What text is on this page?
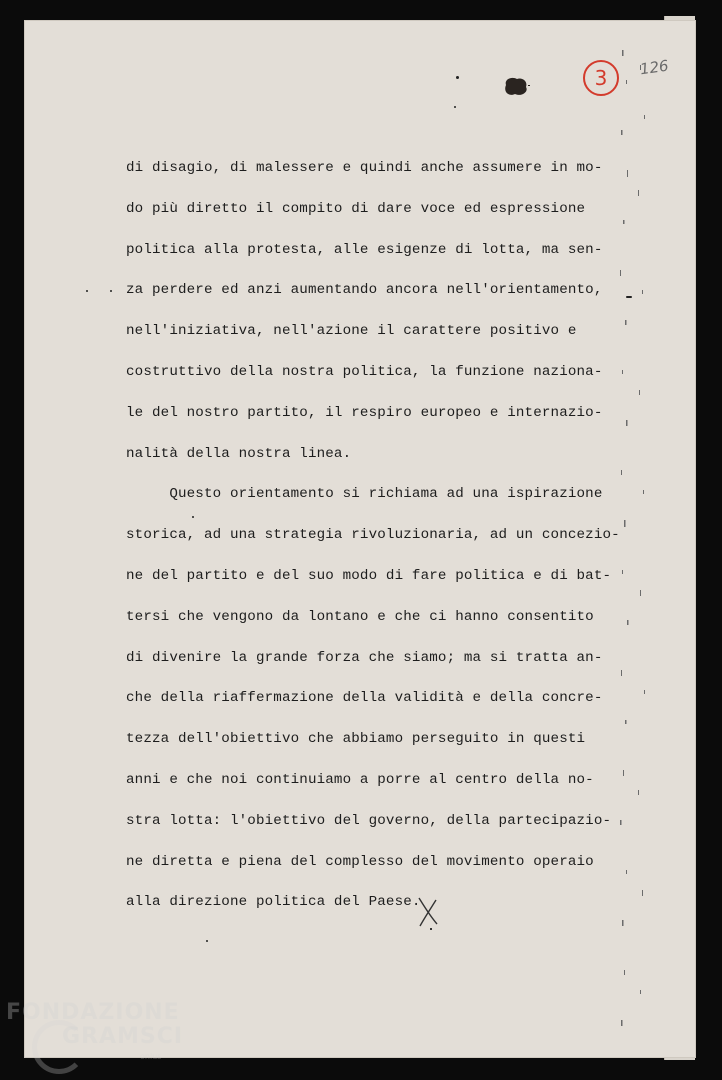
3	126
di disagio, di malessere e quindi anche assumere in mo-
do più diretto il compito di dare voce ed espressione
politica alla protesta, alle esigenze di lotta, ma sen-
za perdere ed anzi aumentando ancora nell'orientamento,
nell'iniziativa, nell'azione il carattere positivo e
costruttivo della nostra politica, la funzione naziona-
le del nostro partito, il respiro europeo e internazio-
nalità della nostra linea.
Questo orientamento si richiama ad una ispirazione
storica, ad una strategia rivoluzionaria, ad un concezio-
ne del partito e del suo modo di fare politica e di bat-
tersi che vengono da lontano e che ci hanno consentito
di divenire la grande forza che siamo; ma si tratta an-
che della riaffermazione della validità e della concre-
tezza dell'obiettivo che abbiamo perseguito in questi
anni e che noi continuiamo a porre al centro della no-
stra lotta: l'obiettivo del governo, della partecipazio-
ne diretta e piena del complesso del movimento operaio
alla direzione politica del Paese.
FONDAZIONE
GRAMSCI
onlus
